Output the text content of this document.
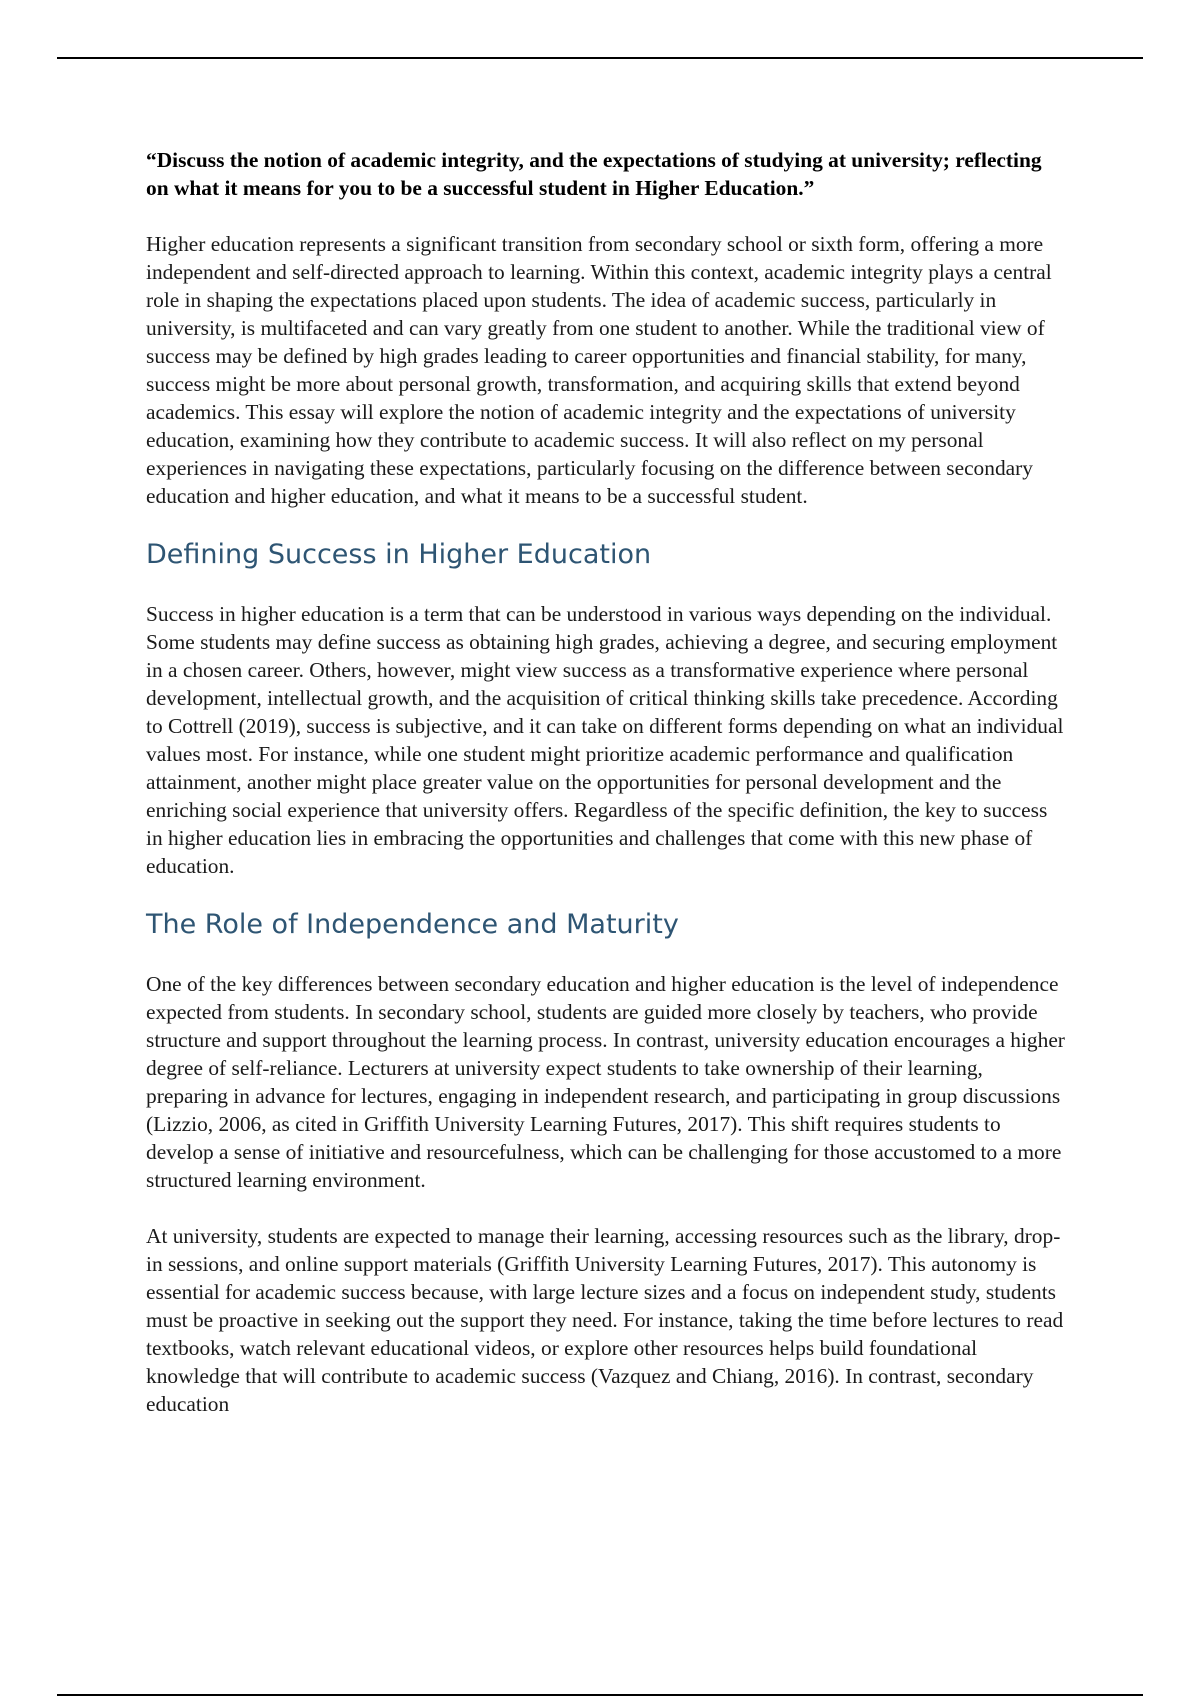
“Discuss the notion of academic integrity, and the expectations of studying at university; reflecting on what it means for you to be a successful student in Higher Education.”

Higher education represents a significant transition from secondary school or sixth form, offering a more independent and self-directed approach to learning. Within this context, academic integrity plays a central role in shaping the expectations placed upon students. The idea of academic success, particularly in university, is multifaceted and can vary greatly from one student to another. While the traditional view of success may be defined by high grades leading to career opportunities and financial stability, for many, success might be more about personal growth, transformation, and acquiring skills that extend beyond academics. This essay will explore the notion of academic integrity and the expectations of university education, examining how they contribute to academic success. It will also reflect on my personal experiences in navigating these expectations, particularly focusing on the difference between secondary education and higher education, and what it means to be a successful student.

Defining Success in Higher Education

Success in higher education is a term that can be understood in various ways depending on the individual. Some students may define success as obtaining high grades, achieving a degree, and securing employment in a chosen career. Others, however, might view success as a transformative experience where personal development, intellectual growth, and the acquisition of critical thinking skills take precedence. According to Cottrell (2019), success is subjective, and it can take on different forms depending on what an individual values most. For instance, while one student might prioritize academic performance and qualification attainment, another might place greater value on the opportunities for personal development and the enriching social experience that university offers. Regardless of the specific definition, the key to success in higher education lies in embracing the opportunities and challenges that come with this new phase of education.

The Role of Independence and Maturity

One of the key differences between secondary education and higher education is the level of independence expected from students. In secondary school, students are guided more closely by teachers, who provide structure and support throughout the learning process. In contrast, university education encourages a higher degree of self-reliance. Lecturers at university expect students to take ownership of their learning, preparing in advance for lectures, engaging in independent research, and participating in group discussions (Lizzio, 2006, as cited in Griffith University Learning Futures, 2017). This shift requires students to develop a sense of initiative and resourcefulness, which can be challenging for those accustomed to a more structured learning environment.

At university, students are expected to manage their learning, accessing resources such as the library, drop-in sessions, and online support materials (Griffith University Learning Futures, 2017). This autonomy is essential for academic success because, with large lecture sizes and a focus on independent study, students must be proactive in seeking out the support they need. For instance, taking the time before lectures to read textbooks, watch relevant educational videos, or explore other resources helps build foundational knowledge that will contribute to academic success (Vazquez and Chiang, 2016). In contrast, secondary education
